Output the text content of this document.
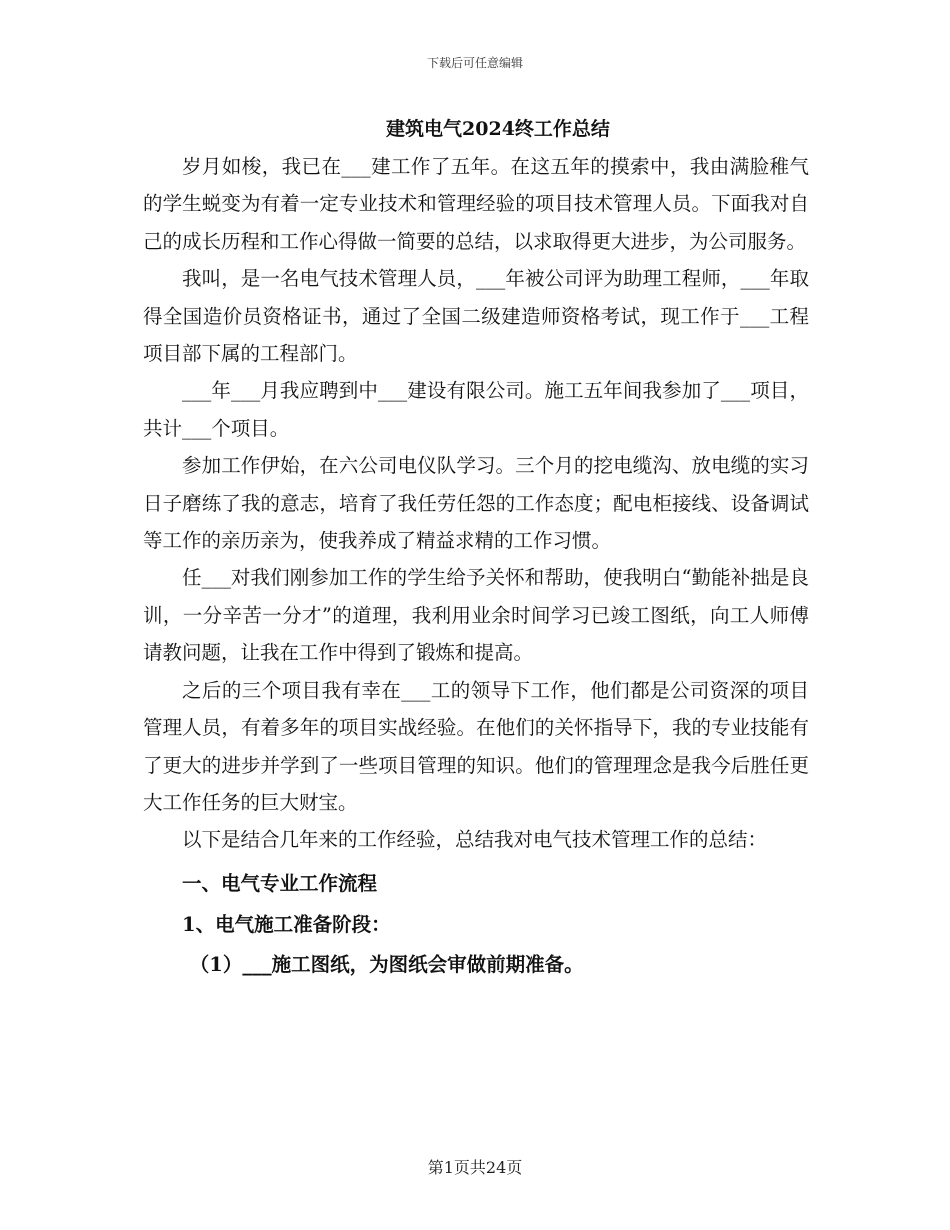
下载后可任意编辑
建筑电气2024终工作总结

岁月如梭，我已在___建工作了五年。在这五年的摸索中，我由满脸稚气的学生蜕变为有着一定专业技术和管理经验的项目技术管理人员。下面我对自己的成长历程和工作心得做一简要的总结，以求取得更大进步，为公司服务。

我叫，是一名电气技术管理人员，___年被公司评为助理工程师，___年取得全国造价员资格证书，通过了全国二级建造师资格考试，现工作于___工程项目部下属的工程部门。

___年___月我应聘到中___建设有限公司。施工五年间我参加了___项目，共计___个项目。

参加工作伊始，在六公司电仪队学习。三个月的挖电缆沟、放电缆的实习日子磨练了我的意志，培育了我任劳任怨的工作态度；配电柜接线、设备调试等工作的亲历亲为，使我养成了精益求精的工作习惯。

任___对我们刚参加工作的学生给予关怀和帮助，使我明白“勤能补拙是良训，一分辛苦一分才”的道理，我利用业余时间学习已竣工图纸，向工人师傅请教问题，让我在工作中得到了锻炼和提高。

之后的三个项目我有幸在___工的领导下工作，他们都是公司资深的项目管理人员，有着多年的项目实战经验。在他们的关怀指导下，我的专业技能有了更大的进步并学到了一些项目管理的知识。他们的管理理念是我今后胜任更大工作任务的巨大财宝。

以下是结合几年来的工作经验，总结我对电气技术管理工作的总结：

一、电气专业工作流程

1、电气施工准备阶段：

（1）___施工图纸，为图纸会审做前期准备。

第1页共24页
